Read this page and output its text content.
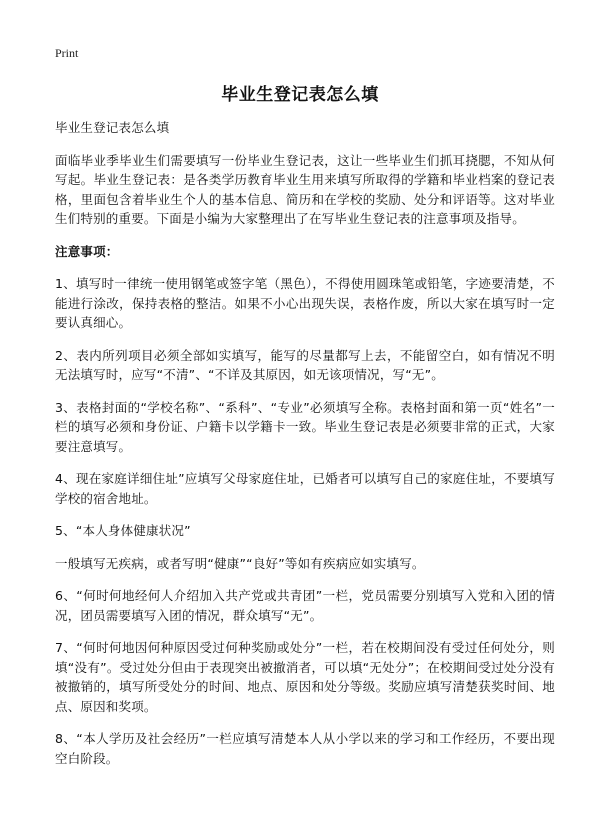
Print
毕业生登记表怎么填

毕业生登记表怎么填

面临毕业季毕业生们需要填写一份毕业生登记表，这让一些毕业生们抓耳挠腮，不知从何写起。毕业生登记表：是各类学历教育毕业生用来填写所取得的学籍和毕业档案的登记表格，里面包含着毕业生个人的基本信息、简历和在学校的奖励、处分和评语等。这对毕业生们特别的重要。下面是小编为大家整理出了在写毕业生登记表的注意事项及指导。

注意事项：

1、填写时一律统一使用钢笔或签字笔（黑色），不得使用圆珠笔或铅笔，字迹要清楚，不能进行涂改，保持表格的整洁。如果不小心出现失误，表格作废，所以大家在填写时一定要认真细心。

2、表内所列项目必须全部如实填写，能写的尽量都写上去，不能留空白，如有情况不明无法填写时，应写“不清”、“不详及其原因，如无该项情况，写“无”。

3、表格封面的“学校名称”、“系科”、“专业”必须填写全称。表格封面和第一页“姓名”一栏的填写必须和身份证、户籍卡以学籍卡一致。毕业生登记表是必须要非常的正式，大家要注意填写。

4、现在家庭详细住址”应填写父母家庭住址，已婚者可以填写自己的家庭住址，不要填写学校的宿舍地址。

5、“本人身体健康状况”

一般填写无疾病，或者写明“健康”“良好”等如有疾病应如实填写。

6、“何时何地经何人介绍加入共产党或共青团”一栏，党员需要分别填写入党和入团的情况，团员需要填写入团的情况，群众填写“无”。

7、“何时何地因何种原因受过何种奖励或处分”一栏，若在校期间没有受过任何处分，则填“没有”。受过处分但由于表现突出被撤消者，可以填“无处分”；在校期间受过处分没有被撤销的，填写所受处分的时间、地点、原因和处分等级。奖励应填写清楚获奖时间、地点、原因和奖项。

8、“本人学历及社会经历”一栏应填写清楚本人从小学以来的学习和工作经历，不要出现空白阶段。
